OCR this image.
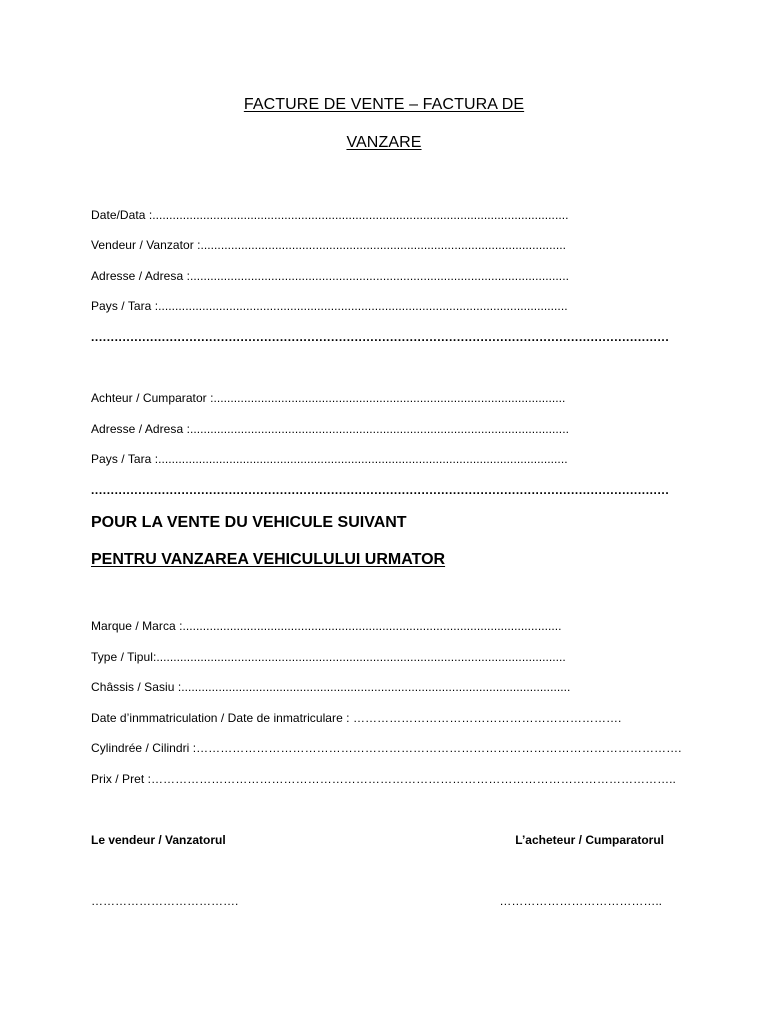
FACTURE DE VENTE – FACTURA DE
VANZARE
Date/Data :...........................................................................................................................
Vendeur / Vanzator :............................................................................................................
Adresse / Adresa :................................................................................................................
Pays / Tara :.........................................................................................................................
...................................................................................................................................................
Achteur / Cumparator :........................................................................................................
Adresse / Adresa :................................................................................................................
Pays / Tara :.........................................................................................................................
...................................................................................................................................................
POUR LA VENTE DU VEHICULE SUIVANT
PENTRU VANZAREA VEHICULULUI URMATOR
Marque / Marca :................................................................................................................
Type / Tipul:.........................................................................................................................
Châssis / Sasiu :...................................................................................................................
Date d’inmmatriculation / Date de inmatriculare : ………………………………………………………….
Cylindrée / Cilindri :………………………………………………………………………………………………………….
Prix / Pret :…………………………………………………………………………………………………………………..
Le vendeur / Vanzatorul	L’acheteur / Cumparatorul
……………………………….	…………………………………..
